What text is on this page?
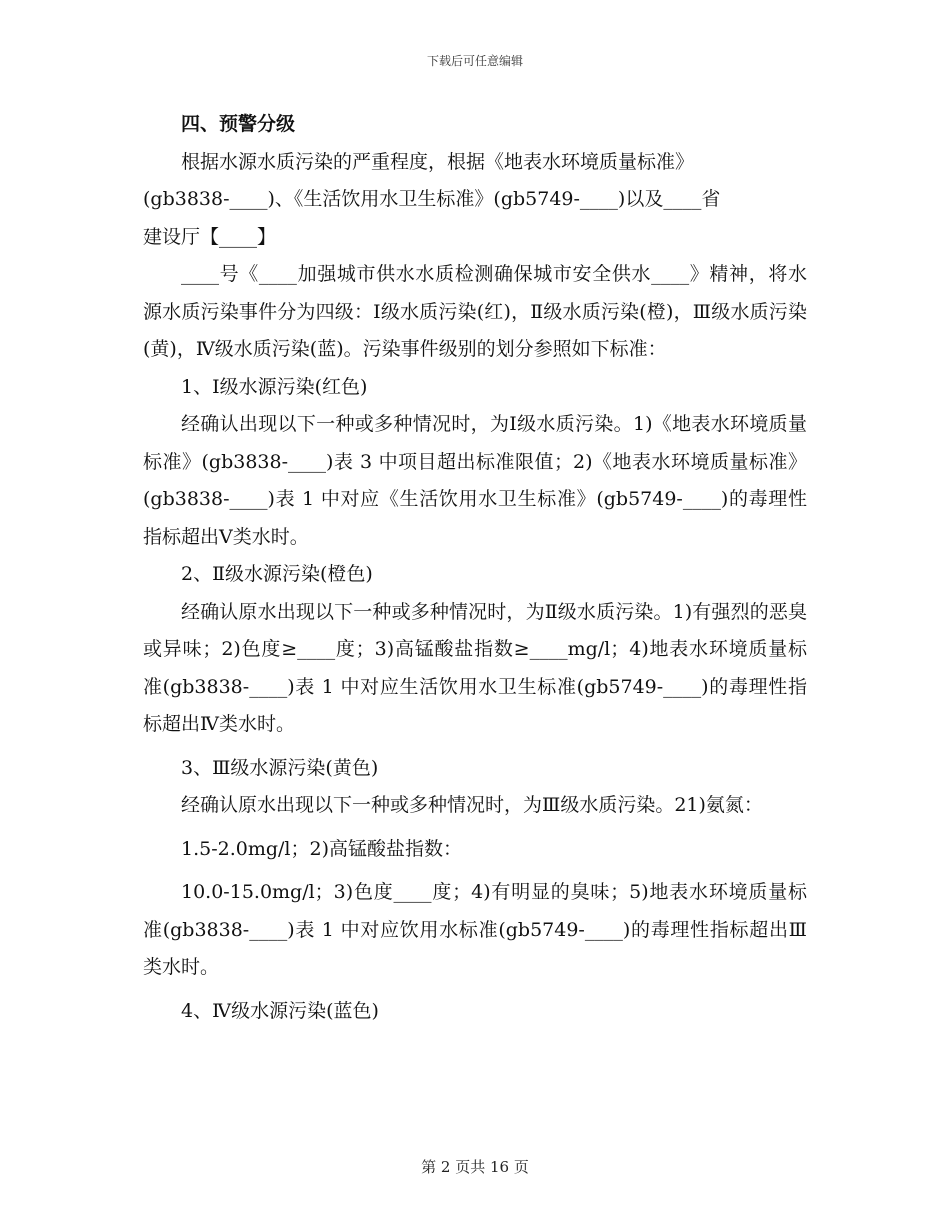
下载后可任意编辑

四、预警分级

根据水源水质污染的严重程度，根据《地表水环境质量标准》
(gb3838-____)、《生活饮用水卫生标准》(gb5749-____)以及____省
建设厅【____】

____号《____加强城市供水水质检测确保城市安全供水____》精神，将水源水质污染事件分为四级：Ⅰ级水质污染(红)，Ⅱ级水质污染(橙)，Ⅲ级水质污染(黄)，Ⅳ级水质污染(蓝)。污染事件级别的划分参照如下标准：

1、Ⅰ级水源污染(红色)

经确认出现以下一种或多种情况时，为Ⅰ级水质污染。1)《地表水环境质量标准》(gb3838-____)表 3 中项目超出标准限值；2)《地表水环境质量标准》(gb3838-____)表 1 中对应《生活饮用水卫生标准》(gb5749-____)的毒理性指标超出Ⅴ类水时。

2、Ⅱ级水源污染(橙色)

经确认原水出现以下一种或多种情况时，为Ⅱ级水质污染。1)有强烈的恶臭或异味；2)色度≥____度；3)高锰酸盐指数≥____mg/l；4)地表水环境质量标准(gb3838-____)表 1 中对应生活饮用水卫生标准(gb5749-____)的毒理性指标超出Ⅳ类水时。

3、Ⅲ级水源污染(黄色)

经确认原水出现以下一种或多种情况时，为Ⅲ级水质污染。21)氨氮：

1.5-2.0mg/l；2)高锰酸盐指数：

10.0-15.0mg/l；3)色度____度；4)有明显的臭味；5)地表水环境质量标准(gb3838-____)表 1 中对应饮用水标准(gb5749-____)的毒理性指标超出Ⅲ类水时。

4、Ⅳ级水源污染(蓝色)

第 2 页共 16 页
